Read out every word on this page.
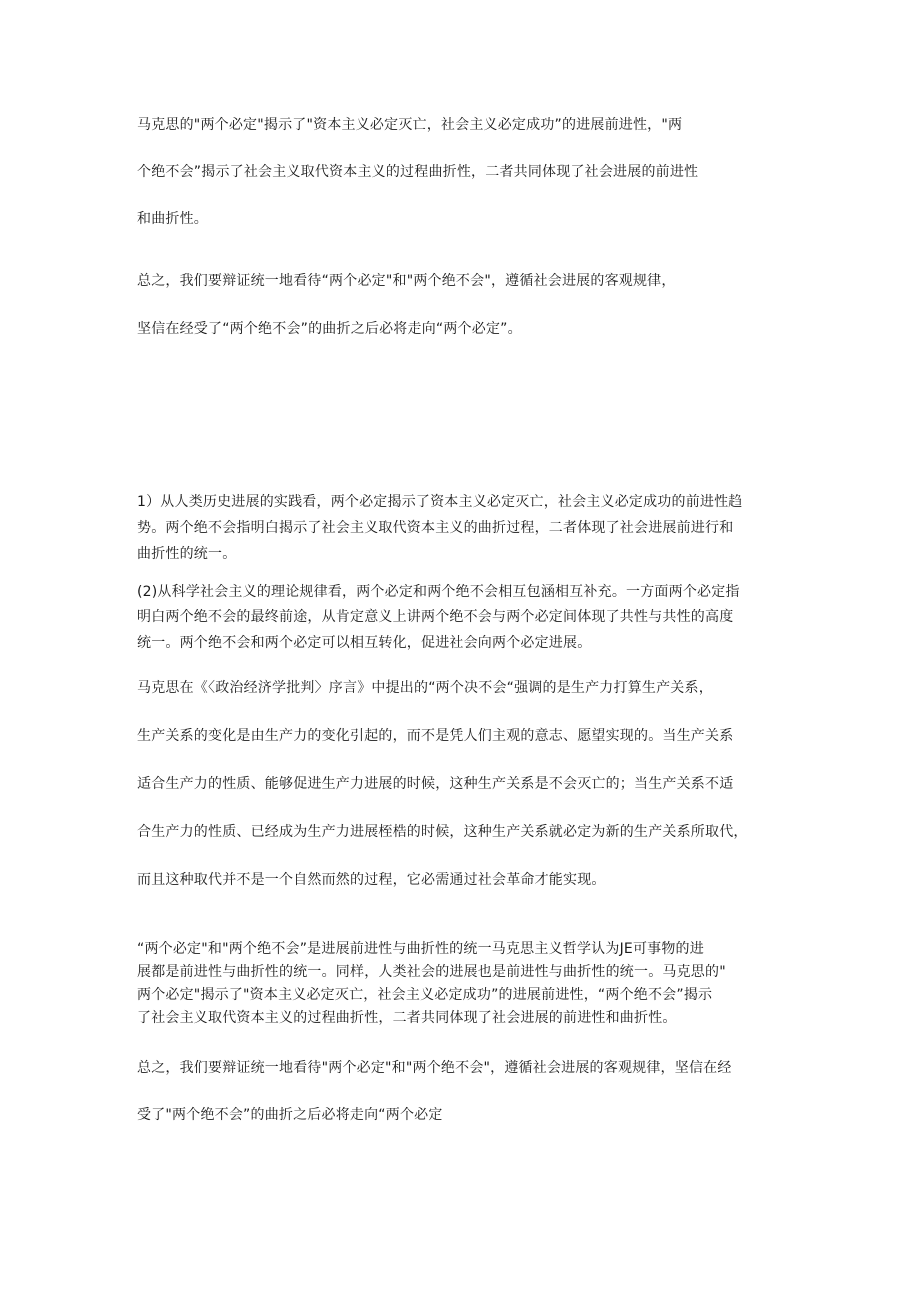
马克思的"两个必定"揭示了"资本主义必定灭亡，社会主义必定成功”的进展前进性，"两
个绝不会”揭示了社会主义取代资本主义的过程曲折性，二者共同体现了社会进展的前进性
和曲折性。
总之，我们要辩证统一地看待“两个必定"和"两个绝不会"，遵循社会进展的客观规律，
坚信在经受了“两个绝不会”的曲折之后必将走向“两个必定”。
1）从人类历史进展的实践看，两个必定揭示了资本主义必定灭亡，社会主义必定成功的前进性趋
势。两个绝不会指明白揭示了社会主义取代资本主义的曲折过程，二者体现了社会进展前进行和
曲折性的统一。
(2)从科学社会主义的理论规律看，两个必定和两个绝不会相互包涵相互补充。一方面两个必定指
明白两个绝不会的最终前途，从肯定意义上讲两个绝不会与两个必定间体现了共性与共性的高度
统一。两个绝不会和两个必定可以相互转化，促进社会向两个必定进展。
马克思在《〈政治经济学批判〉序言》中提出的“两个决不会“强调的是生产力打算生产关系，
生产关系的变化是由生产力的变化引起的，而不是凭人们主观的意志、愿望实现的。当生产关系
适合生产力的性质、能够促进生产力进展的时候，这种生产关系是不会灭亡的；当生产关系不适
合生产力的性质、已经成为生产力进展桎梏的时候，这种生产关系就必定为新的生产关系所取代，
而且这种取代并不是一个自然而然的过程，它必需通过社会革命才能实现。
“两个必定"和"两个绝不会”是进展前进性与曲折性的统一马克思主义哲学认为JE可事物的进
展都是前进性与曲折性的统一。同样，人类社会的进展也是前进性与曲折性的统一。马克思的"
两个必定"揭示了"资本主义必定灭亡，社会主义必定成功”的进展前进性，“两个绝不会”揭示
了社会主义取代资本主义的过程曲折性，二者共同体现了社会进展的前进性和曲折性。
总之，我们要辩证统一地看待"两个必定"和"两个绝不会"，遵循社会进展的客观规律，坚信在经
受了"两个绝不会”的曲折之后必将走向“两个必定
